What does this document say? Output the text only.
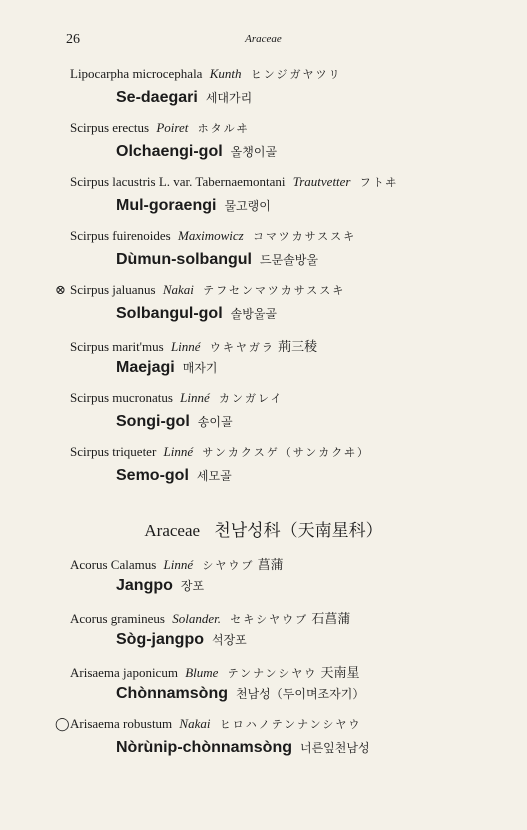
26	Araceae
Lipocarpha microcephala Kunth ヒンジガヤツリ
Se-daegari 세대가리
Scirpus erectus Poiret ホタルヰ
Olchaengi-gol 올챙이골
Scirpus lacustris L. var. Tabernaemontani Trautvetter フトヰ
Mul-goraengi 물고랭이
Scirpus fuirenoides Maximowicz コマツカサススキ
Dùmun-solbangul 드문솔방울
⊗ Scirpus jaluanus Nakai テフセンマツカサススキ
Solbangul-gol 솔방울골
Scirpus marit'mus Linné ウキヤガラ 荊三稜
Maejagi 매자기
Scirpus mucronatus Linné カンガレイ
Songi-gol 송이골
Scirpus triqueter Linné サンカクスゲ（サンカクヰ）
Semo-gol 세모골
Araceae 천남성科（天南星科）
Acorus Calamus Linné シヤウブ 菖蒲
Jangpo 장포
Acorus gramineus Solander. セキシヤウブ 石菖蒲
Sòg-jangpo 석장포
Arisaema japonicum Blume テンナンシヤウ 天南星
Chònnamsòng 천남성（두이며조자기）
◯ Arisaema robustum Nakai ヒロハノテンナンシヤウ
Nòrùnip-chònnamsòng 너른잎천남성
